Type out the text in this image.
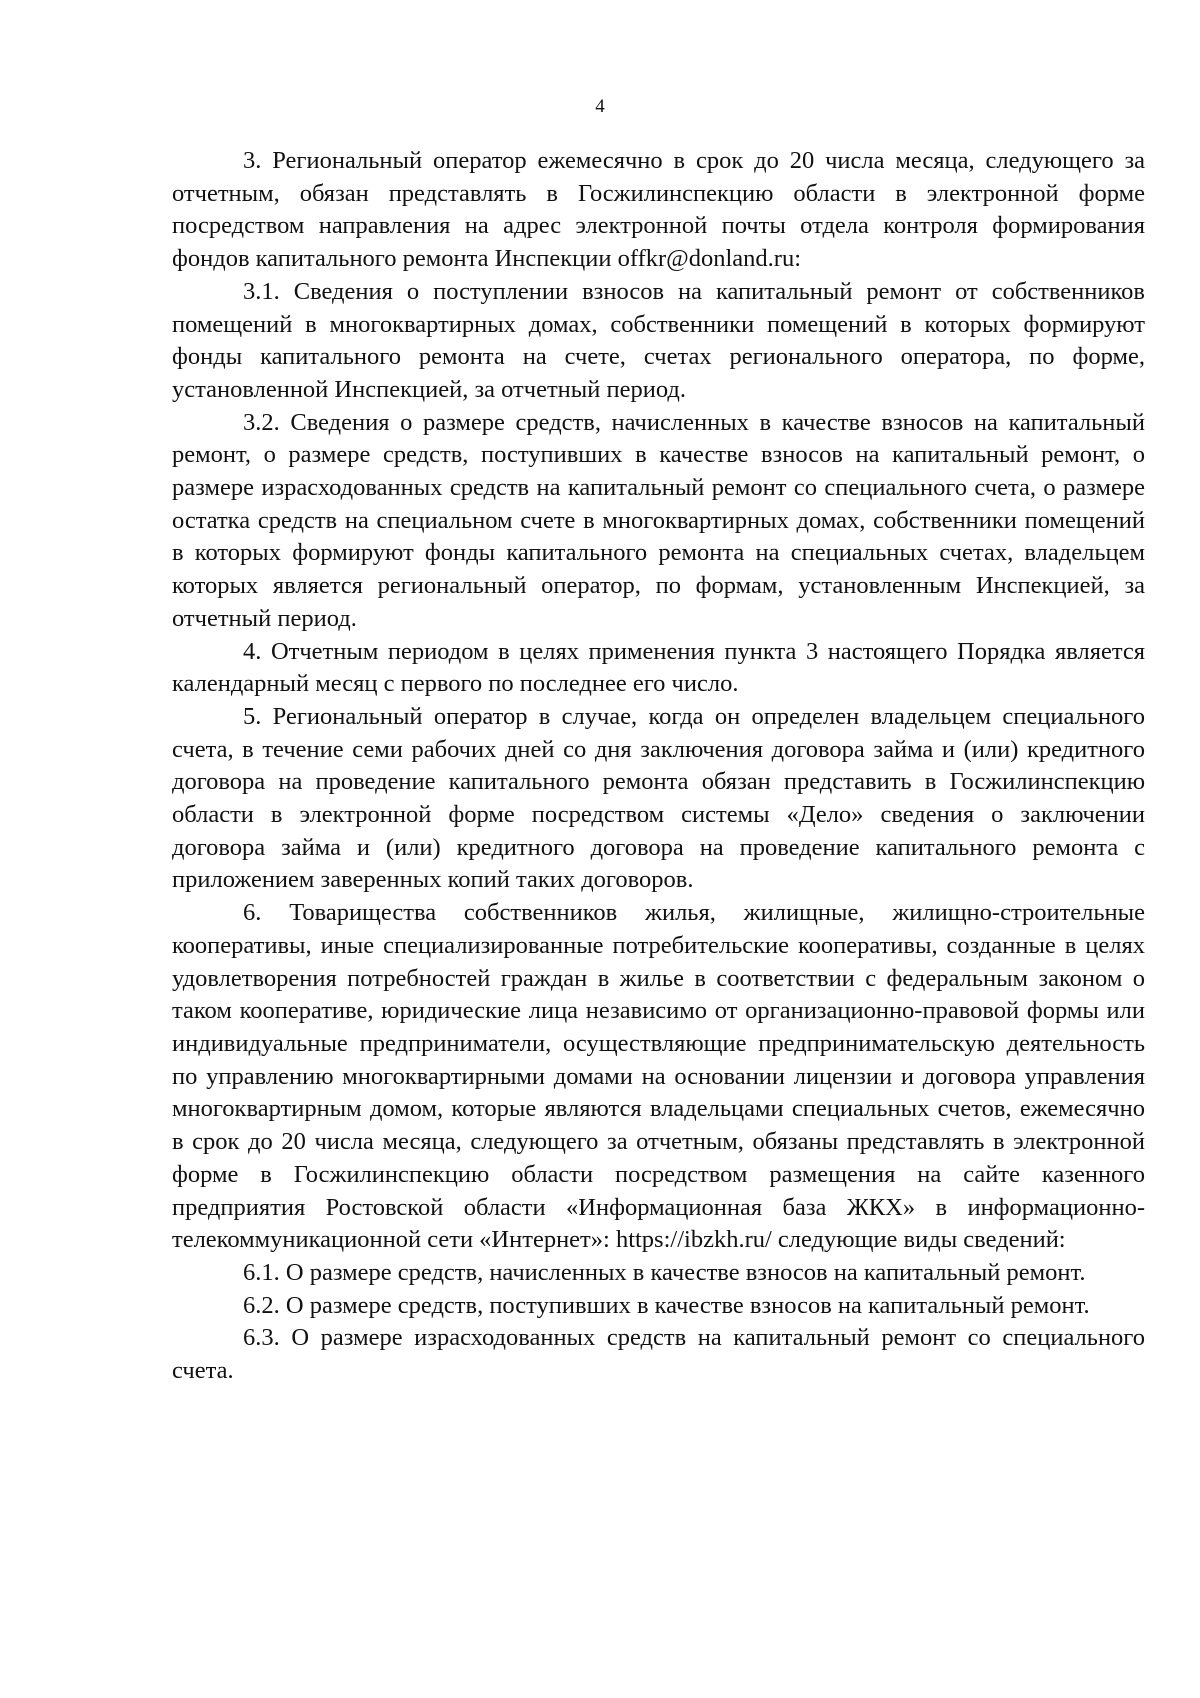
4

3. Региональный оператор ежемесячно в срок до 20 числа месяца, следующего за отчетным, обязан представлять в Госжилинспекцию области в электронной форме посредством направления на адрес электронной почты отдела контроля формирования фондов капитального ремонта Инспекции offkr@donland.ru:

3.1. Сведения о поступлении взносов на капитальный ремонт от собственников помещений в многоквартирных домах, собственники помещений в которых формируют фонды капитального ремонта на счете, счетах регионального оператора, по форме, установленной Инспекцией, за отчетный период.

3.2. Сведения о размере средств, начисленных в качестве взносов на капитальный ремонт, о размере средств, поступивших в качестве взносов на капитальный ремонт, о размере израсходованных средств на капитальный ремонт со специального счета, о размере остатка средств на специальном счете в многоквартирных домах, собственники помещений в которых формируют фонды капитального ремонта на специальных счетах, владельцем которых является региональный оператор, по формам, установленным Инспекцией, за отчетный период.

4. Отчетным периодом в целях применения пункта 3 настоящего Порядка является календарный месяц с первого по последнее его число.

5. Региональный оператор в случае, когда он определен владельцем специального счета, в течение семи рабочих дней со дня заключения договора займа и (или) кредитного договора на проведение капитального ремонта обязан представить в Госжилинспекцию области в электронной форме посредством системы «Дело» сведения о заключении договора займа и (или) кредитного договора на проведение капитального ремонта с приложением заверенных копий таких договоров.

6. Товарищества собственников жилья, жилищные, жилищно-строительные кооперативы, иные специализированные потребительские кооперативы, созданные в целях удовлетворения потребностей граждан в жилье в соответствии с федеральным законом о таком кооперативе, юридические лица независимо от организационно-правовой формы или индивидуальные предприниматели, осуществляющие предпринимательскую деятельность по управлению многоквартирными домами на основании лицензии и договора управления многоквартирным домом, которые являются владельцами специальных счетов, ежемесячно в срок до 20 числа месяца, следующего за отчетным, обязаны представлять в электронной форме в Госжилинспекцию области посредством размещения на сайте казенного предприятия Ростовской области «Информационная база ЖКХ» в информационно-телекоммуникационной сети «Интернет»: https://ibzkh.ru/ следующие виды сведений:

6.1. О размере средств, начисленных в качестве взносов на капитальный ремонт.

6.2. О размере средств, поступивших в качестве взносов на капитальный ремонт.

6.3. О размере израсходованных средств на капитальный ремонт со специального счета.
